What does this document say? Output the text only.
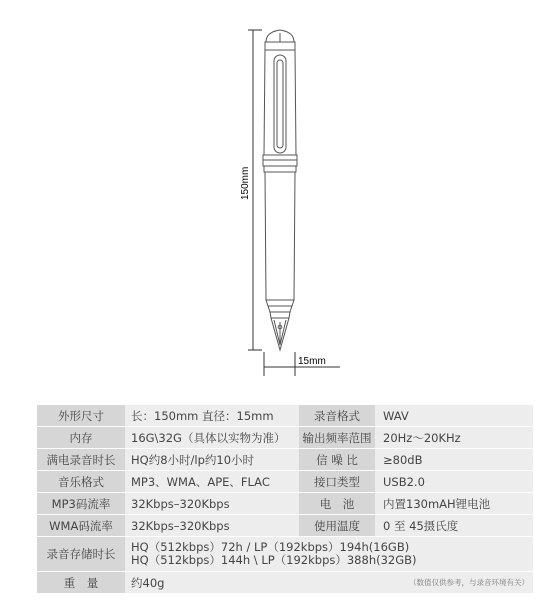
150mm
15mm
外形尺寸	长：150mm 直径：15mm	录音格式	WAV
内存	16G\32G（具体以实物为准）	输出频率范围	20Hz～20KHz
满电录音时长	HQ约8小时/lp约10小时	信 噪 比	≥80dB
音乐格式	MP3、WMA、APE、FLAC	接口类型	USB2.0
MP3码流率	32Kbps–320Kbps	电　池	内置130mAH锂电池
WMA码流率	32Kbps–320Kbps	使用温度	0 至 45摄氏度
录音存储时长	HQ（512kbps）72h / LP（192kbps）194h(16GB)
HQ（512kbps）144h \ LP（192kbps）388h(32GB)		

重　量	约40g	（数值仅供参考，与录音环境有关）	
